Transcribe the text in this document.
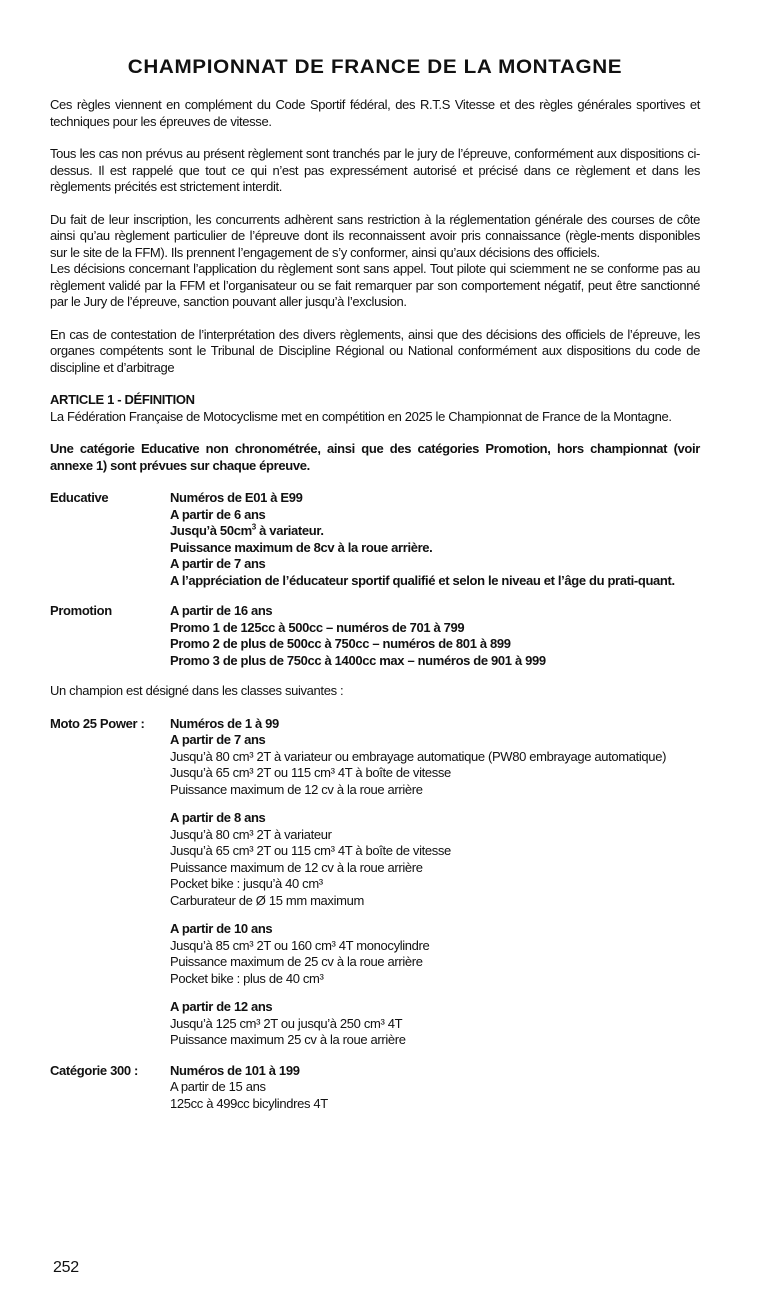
CHAMPIONNAT DE FRANCE DE LA MONTAGNE

Ces règles viennent en complément du Code Sportif fédéral, des R.T.S Vitesse et des règles générales sportives et techniques pour les épreuves de vitesse.

Tous les cas non prévus au présent règlement sont tranchés par le jury de l’épreuve, conformément aux dispositions ci-dessus. Il est rappelé que tout ce qui n’est pas expressément autorisé et précisé dans ce règlement et dans les règlements précités est strictement interdit.

Du fait de leur inscription, les concurrents adhèrent sans restriction à la réglementation générale des courses de côte ainsi qu’au règlement particulier de l’épreuve dont ils reconnaissent avoir pris connaissance (règle-ments disponibles sur le site de la FFM). Ils prennent l’engagement de s’y conformer, ainsi qu’aux décisions des officiels.

Les décisions concernant l’application du règlement sont sans appel. Tout pilote qui sciemment ne se conforme pas au règlement validé par la FFM et l’organisateur ou se fait remarquer par son comportement négatif, peut être sanctionné par le Jury de l’épreuve, sanction pouvant aller jusqu’à l’exclusion.

En cas de contestation de l’interprétation des divers règlements, ainsi que des décisions des officiels de l’épreuve, les organes compétents sont le Tribunal de Discipline Régional ou National conformément aux dispositions du code de discipline et d’arbitrage

ARTICLE 1 - DÉFINITION

La Fédération Française de Motocyclisme met en compétition en 2025 le Championnat de France de la Montagne.

Une catégorie Educative non chronométrée, ainsi que des catégories Promotion, hors championnat (voir annexe 1) sont prévues sur chaque épreuve.

Educative	Numéros de E01 à E99
A partir de 6 ans
Jusqu’à $50cm^3$ à variateur.
Puissance maximum de 8cv à la roue arrière.
A partir de 7 ans
A l’appréciation de l’éducateur sportif qualifié et selon le niveau et l’âge du prati-quant.
Promotion	A partir de 16 ans
Promo 1 de 125cc à 500cc – numéros de 701 à 799
Promo 2 de plus de 500cc à 750cc – numéros de 801 à 899
Promo 3 de plus de 750cc à 1400cc max – numéros de 901 à 999

Un champion est désigné dans les classes suivantes :

Moto 25 Power :	Numéros de 1 à 99
A partir de 7 ans
Jusqu’à 80 cm³ 2T à variateur ou embrayage automatique (PW80 embrayage automatique)
Jusqu’à 65 cm³ 2T ou 115 cm³ 4T à boîte de vitesse
Puissance maximum de 12 cv à la roue arrière
A partir de 8 ans
Jusqu’à 80 cm³ 2T à variateur
Jusqu’à 65 cm³ 2T ou 115 cm³ 4T à boîte de vitesse
Puissance maximum de 12 cv à la roue arrière
Pocket bike : jusqu’à 40 cm³
Carburateur de Ø 15 mm maximum
A partir de 10 ans
Jusqu’à 85 cm³ 2T ou 160 cm³ 4T monocylindre
Puissance maximum de 25 cv à la roue arrière
Pocket bike : plus de 40 cm³
A partir de 12 ans
Jusqu’à 125 cm³ 2T ou jusqu’à 250 cm³ 4T
Puissance maximum 25 cv à la roue arrière
Catégorie 300 :	Numéros de 101 à 199
A partir de 15 ans
125cc à 499cc bicylindres 4T
252
